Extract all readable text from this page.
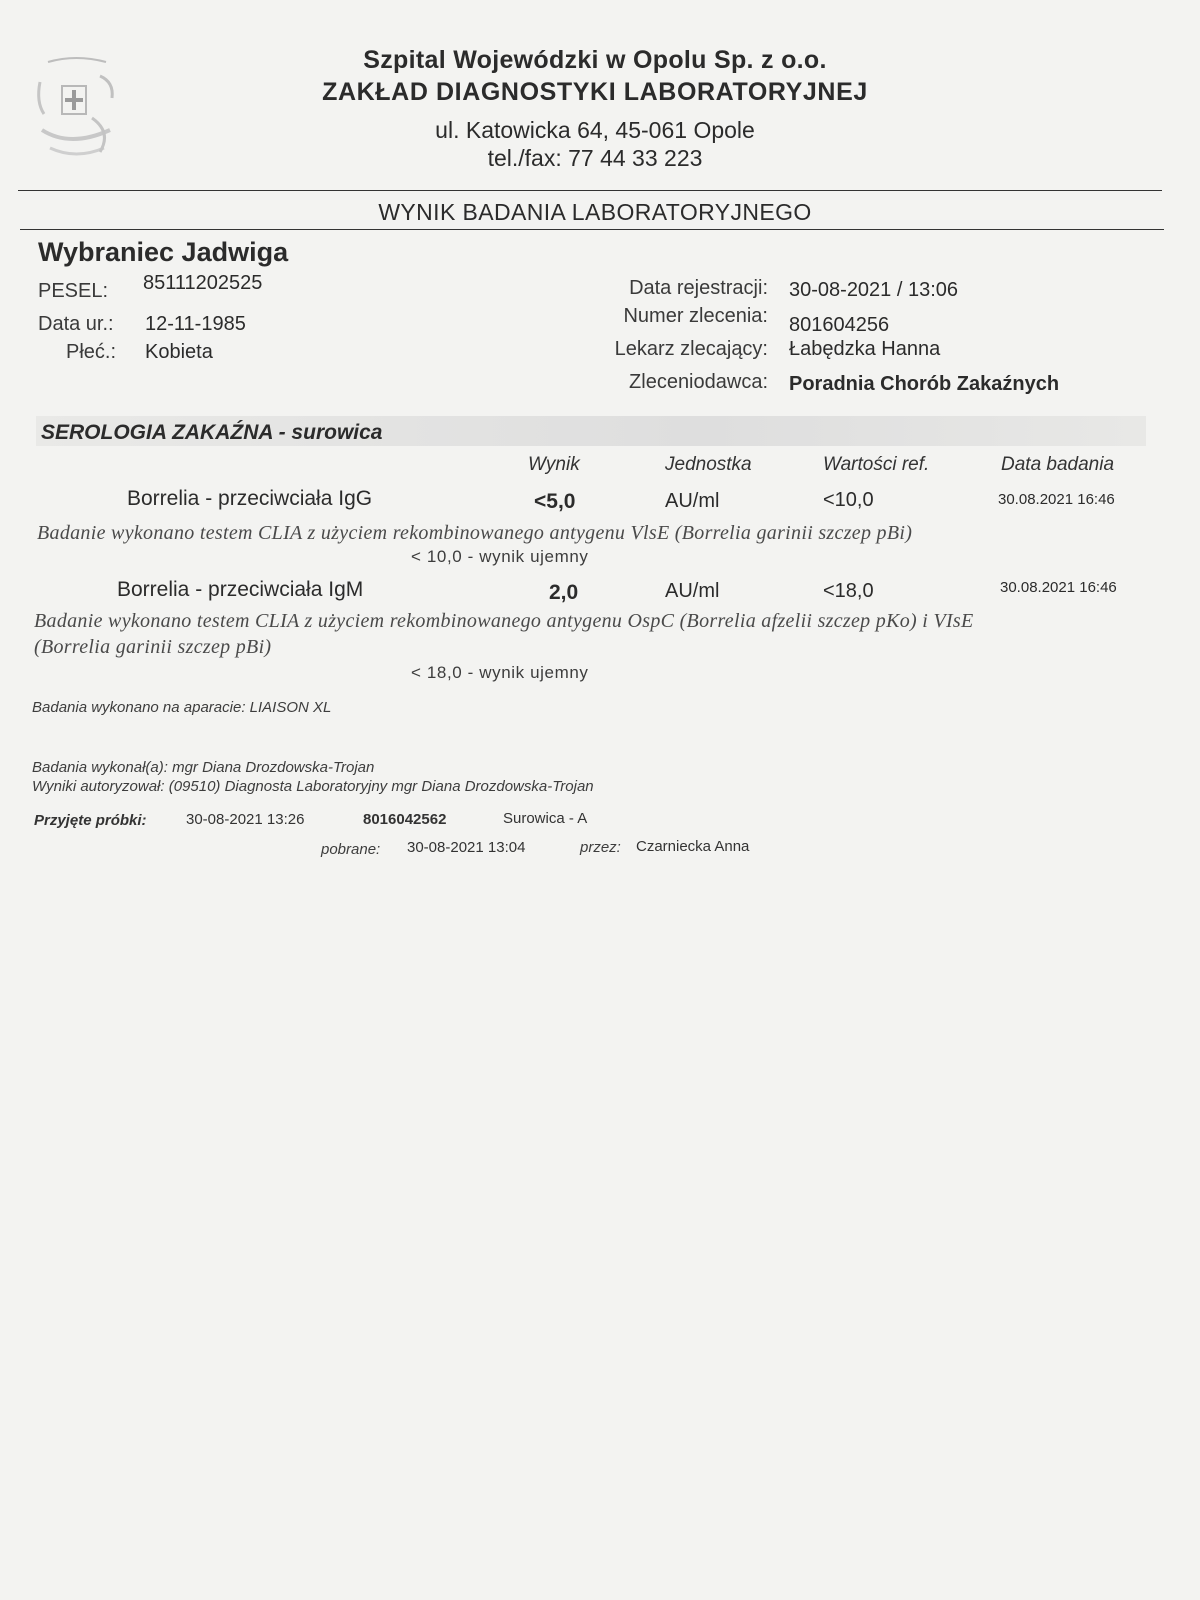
Szpital Wojewódzki w Opolu Sp. z o.o.
ZAKŁAD DIAGNOSTYKI LABORATORYJNEJ
ul. Katowicka 64, 45-061 Opole
tel./fax: 77 44 33 223
WYNIK BADANIA LABORATORYJNEGO
Wybraniec Jadwiga
PESEL: 85111202525
Data ur.: 12-11-1985
Płeć.: Kobieta
Data rejestracji: 30-08-2021 / 13:06
Numer zlecenia: 801604256
Lekarz zlecający: Łabędzka Hanna
Zleceniodawca: Poradnia Chorób Zakaźnych
SEROLOGIA ZAKAŹNA - surowica
Wynik	Jednostka	Wartości ref.	Data badania
Borrelia - przeciwciała IgG	<5,0	AU/ml	<10,0	30.08.2021 16:46
Badanie wykonano testem CLIA z użyciem rekombinowanego antygenu VlsE (Borrelia garinii szczep pBi)
< 10,0 - wynik ujemny
Borrelia - przeciwciała IgM	2,0	AU/ml	<18,0	30.08.2021 16:46
Badanie wykonano testem CLIA z użyciem rekombinowanego antygenu OspC (Borrelia afzelii szczep pKo) i VIsE
(Borrelia garinii szczep pBi)
< 18,0 - wynik ujemny
Badania wykonano na aparacie: LIAISON XL
Badania wykonał(a): mgr Diana Drozdowska-Trojan
Wyniki autoryzował: (09510) Diagnosta Laboratoryjny mgr Diana Drozdowska-Trojan
Przyjęte próbki:	30-08-2021 13:26	8016042562	Surowica - A
pobrane: 30-08-2021 13:04	przez: Czarniecka Anna
